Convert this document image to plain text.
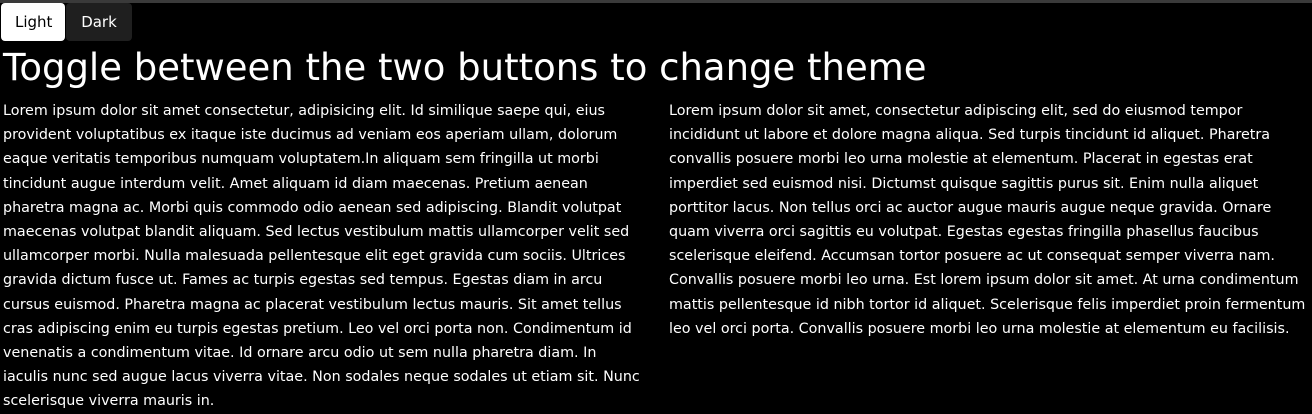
Light	Dark
Toggle between the two buttons to change theme

Lorem ipsum dolor sit amet consectetur, adipisicing elit. Id similique saepe qui, eius provident voluptatibus ex itaque iste ducimus ad veniam eos aperiam ullam, dolorum eaque veritatis temporibus numquam voluptatem.In aliquam sem fringilla ut morbi tincidunt augue interdum velit. Amet aliquam id diam maecenas. Pretium aenean pharetra magna ac. Morbi quis commodo odio aenean sed adipiscing. Blandit volutpat maecenas volutpat blandit aliquam. Sed lectus vestibulum mattis ullamcorper velit sed ullamcorper morbi. Nulla malesuada pellentesque elit eget gravida cum sociis. Ultrices gravida dictum fusce ut. Fames ac turpis egestas sed tempus. Egestas diam in arcu cursus euismod. Pharetra magna ac placerat vestibulum lectus mauris. Sit amet tellus cras adipiscing enim eu turpis egestas pretium. Leo vel orci porta non. Condimentum id venenatis a condimentum vitae. Id ornare arcu odio ut sem nulla pharetra diam. In iaculis nunc sed augue lacus viverra vitae. Non sodales neque sodales ut etiam sit. Nunc scelerisque viverra mauris in.

Lorem ipsum dolor sit amet, consectetur adipiscing elit, sed do eiusmod tempor incididunt ut labore et dolore magna aliqua. Sed turpis tincidunt id aliquet. Pharetra convallis posuere morbi leo urna molestie at elementum. Placerat in egestas erat imperdiet sed euismod nisi. Dictumst quisque sagittis purus sit. Enim nulla aliquet porttitor lacus. Non tellus orci ac auctor augue mauris augue neque gravida. Ornare quam viverra orci sagittis eu volutpat. Egestas egestas fringilla phasellus faucibus scelerisque eleifend. Accumsan tortor posuere ac ut consequat semper viverra nam. Convallis posuere morbi leo urna. Est lorem ipsum dolor sit amet. At urna condimentum mattis pellentesque id nibh tortor id aliquet. Scelerisque felis imperdiet proin fermentum leo vel orci porta. Convallis posuere morbi leo urna molestie at elementum eu facilisis.
